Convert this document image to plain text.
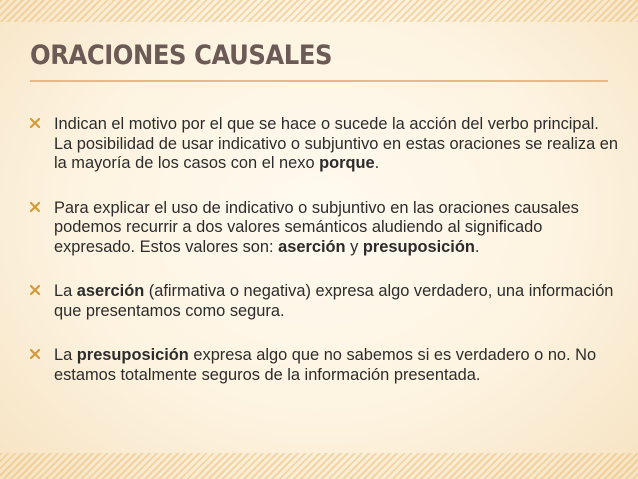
ORACIONES CAUSALES

Indican el motivo por el que se hace o sucede la acción del verbo principal. La posibilidad de usar indicativo o subjuntivo en estas oraciones se realiza en la mayoría de los casos con el nexo porque.

Para explicar el uso de indicativo o subjuntivo en las oraciones causales podemos recurrir a dos valores semánticos aludiendo al significado expresado. Estos valores son: aserción y presuposición.

La aserción (afirmativa o negativa) expresa algo verdadero, una información que presentamos como segura.

La presuposición expresa algo que no sabemos si es verdadero o no. No estamos totalmente seguros de la información presentada.
